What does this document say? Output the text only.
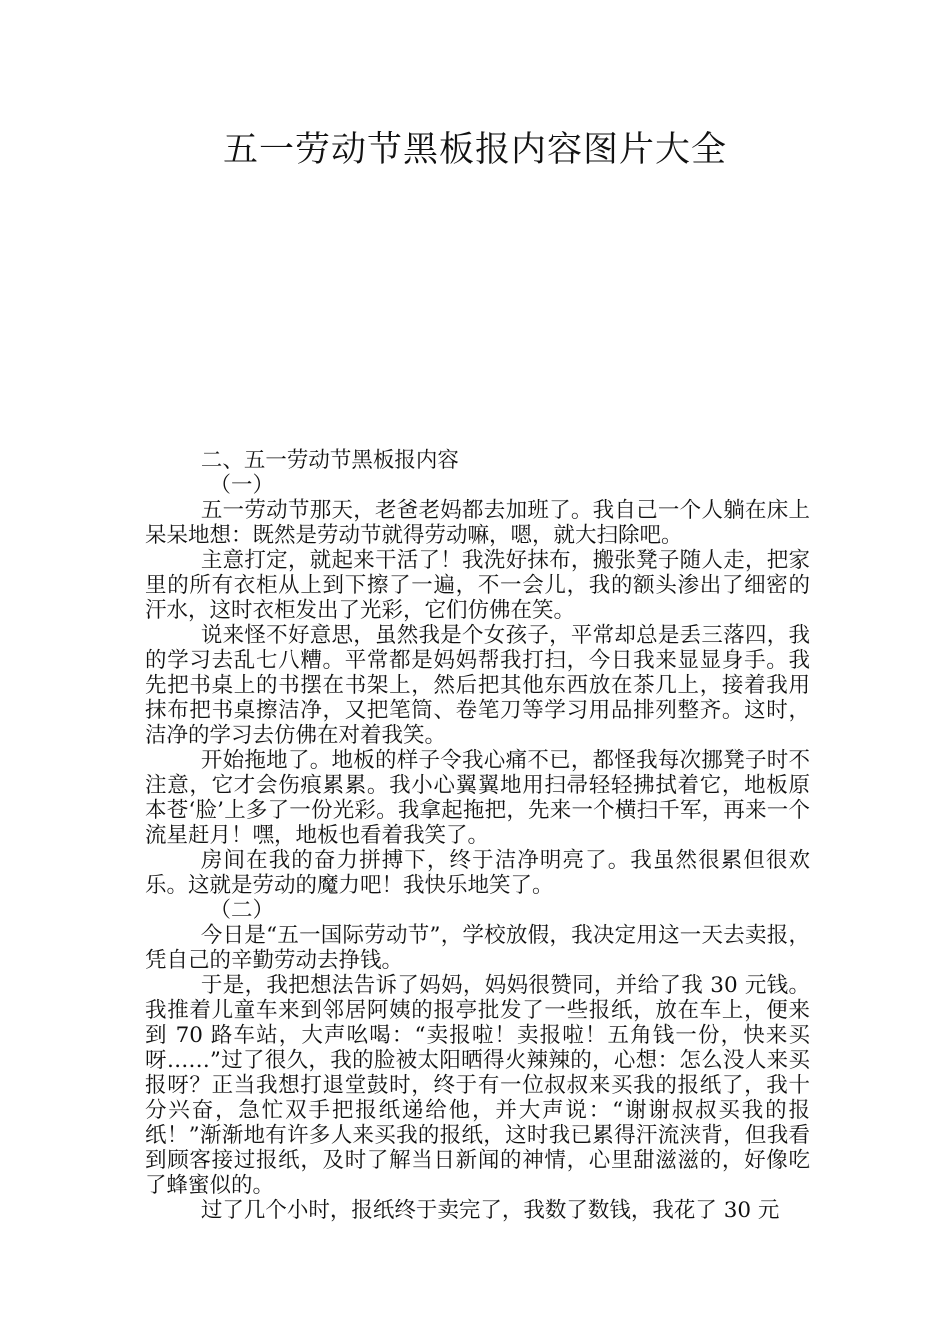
五一劳动节黑板报内容图片大全

二、五一劳动节黑板报内容

（一）

五一劳动节那天，老爸老妈都去加班了。我自己一个人躺在床上呆呆地想：既然是劳动节就得劳动嘛，嗯，就大扫除吧。

主意打定，就起来干活了！我洗好抹布，搬张凳子随人走，把家里的所有衣柜从上到下擦了一遍，不一会儿，我的额头渗出了细密的汗水，这时衣柜发出了光彩，它们仿佛在笑。

说来怪不好意思，虽然我是个女孩子，平常却总是丢三落四，我的学习去乱七八糟。平常都是妈妈帮我打扫，今日我来显显身手。我先把书桌上的书摆在书架上，然后把其他东西放在茶几上，接着我用抹布把书桌擦洁净，又把笔筒、卷笔刀等学习用品排列整齐。这时，洁净的学习去仿佛在对着我笑。

开始拖地了。地板的样子令我心痛不已，都怪我每次挪凳子时不注意，它才会伤痕累累。我小心翼翼地用扫帚轻轻拂拭着它，地板原本苍‘脸’上多了一份光彩。我拿起拖把，先来一个横扫千军，再来一个流星赶月！嘿，地板也看着我笑了。

房间在我的奋力拼搏下，终于洁净明亮了。我虽然很累但很欢乐。这就是劳动的魔力吧！我快乐地笑了。

（二）

今日是“五一国际劳动节”，学校放假，我决定用这一天去卖报，凭自己的辛勤劳动去挣钱。

于是，我把想法告诉了妈妈，妈妈很赞同，并给了我 30 元钱。我推着儿童车来到邻居阿姨的报亭批发了一些报纸，放在车上，便来到 70 路车站，大声吆喝：“卖报啦！卖报啦！五角钱一份，快来买呀……”过了很久，我的脸被太阳晒得火辣辣的，心想：怎么没人来买报呀？正当我想打退堂鼓时，终于有一位叔叔来买我的报纸了，我十分兴奋，急忙双手把报纸递给他，并大声说：“谢谢叔叔买我的报纸！”渐渐地有许多人来买我的报纸，这时我已累得汗流浃背，但我看到顾客接过报纸，及时了解当日新闻的神情，心里甜滋滋的，好像吃了蜂蜜似的。

过了几个小时，报纸终于卖完了，我数了数钱，我花了 30 元
